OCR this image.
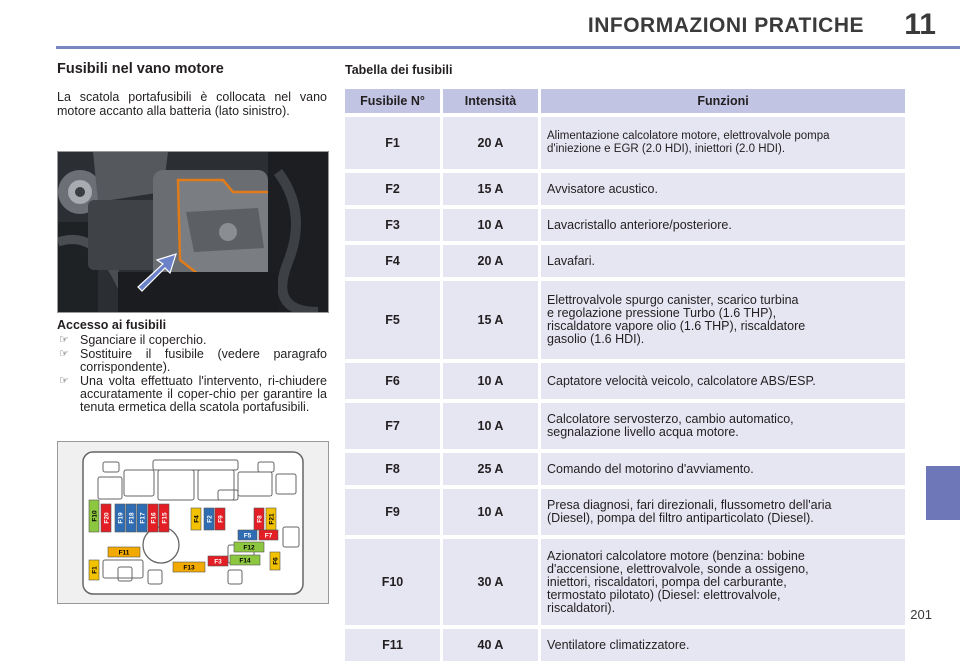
INFORMAZIONI PRATICHE 11
Fusibili nel vano motore
La scatola portafusibili è collocata nel vano motore accanto alla batteria (lato sinistro).
Accesso ai fusibili
☞ Sganciare il coperchio.
☞ Sostituire il fusibile (vedere paragrafo corrispondente).
☞ Una volta effettuato l'intervento, ri-chiudere accuratamente il coper-chio per garantire la tenuta ermetica della scatola portafusibili.
F10 F20 F19 F18 F17 F16 F15	F4 F2 F9	F8 F21
F5 F7
F12
F3	F14	F6
F11
F13
F1
Tabella dei fusibili
Fusibile N°	Intensità	Funzioni
F1	20 A	Alimentazione calcolatore motore, elettrovalvole pompa
d'iniezione e EGR (2.0 HDI), iniettori (2.0 HDI).

F2	15 A	Avvisatore acustico.

F3	10 A	Lavacristallo anteriore/posteriore.

F4	20 A	Lavafari.

F5	15 A	Elettrovalvole spurgo canister, scarico turbina
e regolazione pressione Turbo (1.6 THP),
riscaldatore vapore olio (1.6 THP), riscaldatore
gasolio (1.6 HDI).

F6	10 A	Captatore velocità veicolo, calcolatore ABS/ESP.

F7	10 A	Calcolatore servosterzo, cambio automatico,
segnalazione livello acqua motore.

F8	25 A	Comando del motorino d'avviamento.

F9	10 A	Presa diagnosi, fari direzionali, flussometro dell'aria
(Diesel), pompa del filtro antiparticolato (Diesel).

F10	30 A	Azionatori calcolatore motore (benzina: bobine
d'accensione, elettrovalvole, sonde a ossigeno,
iniettori, riscaldatori, pompa del carburante,
termostato pilotato) (Diesel: elettrovalvole,
riscaldatori).

F11	40 A	Ventilatore climatizzatore.
201
